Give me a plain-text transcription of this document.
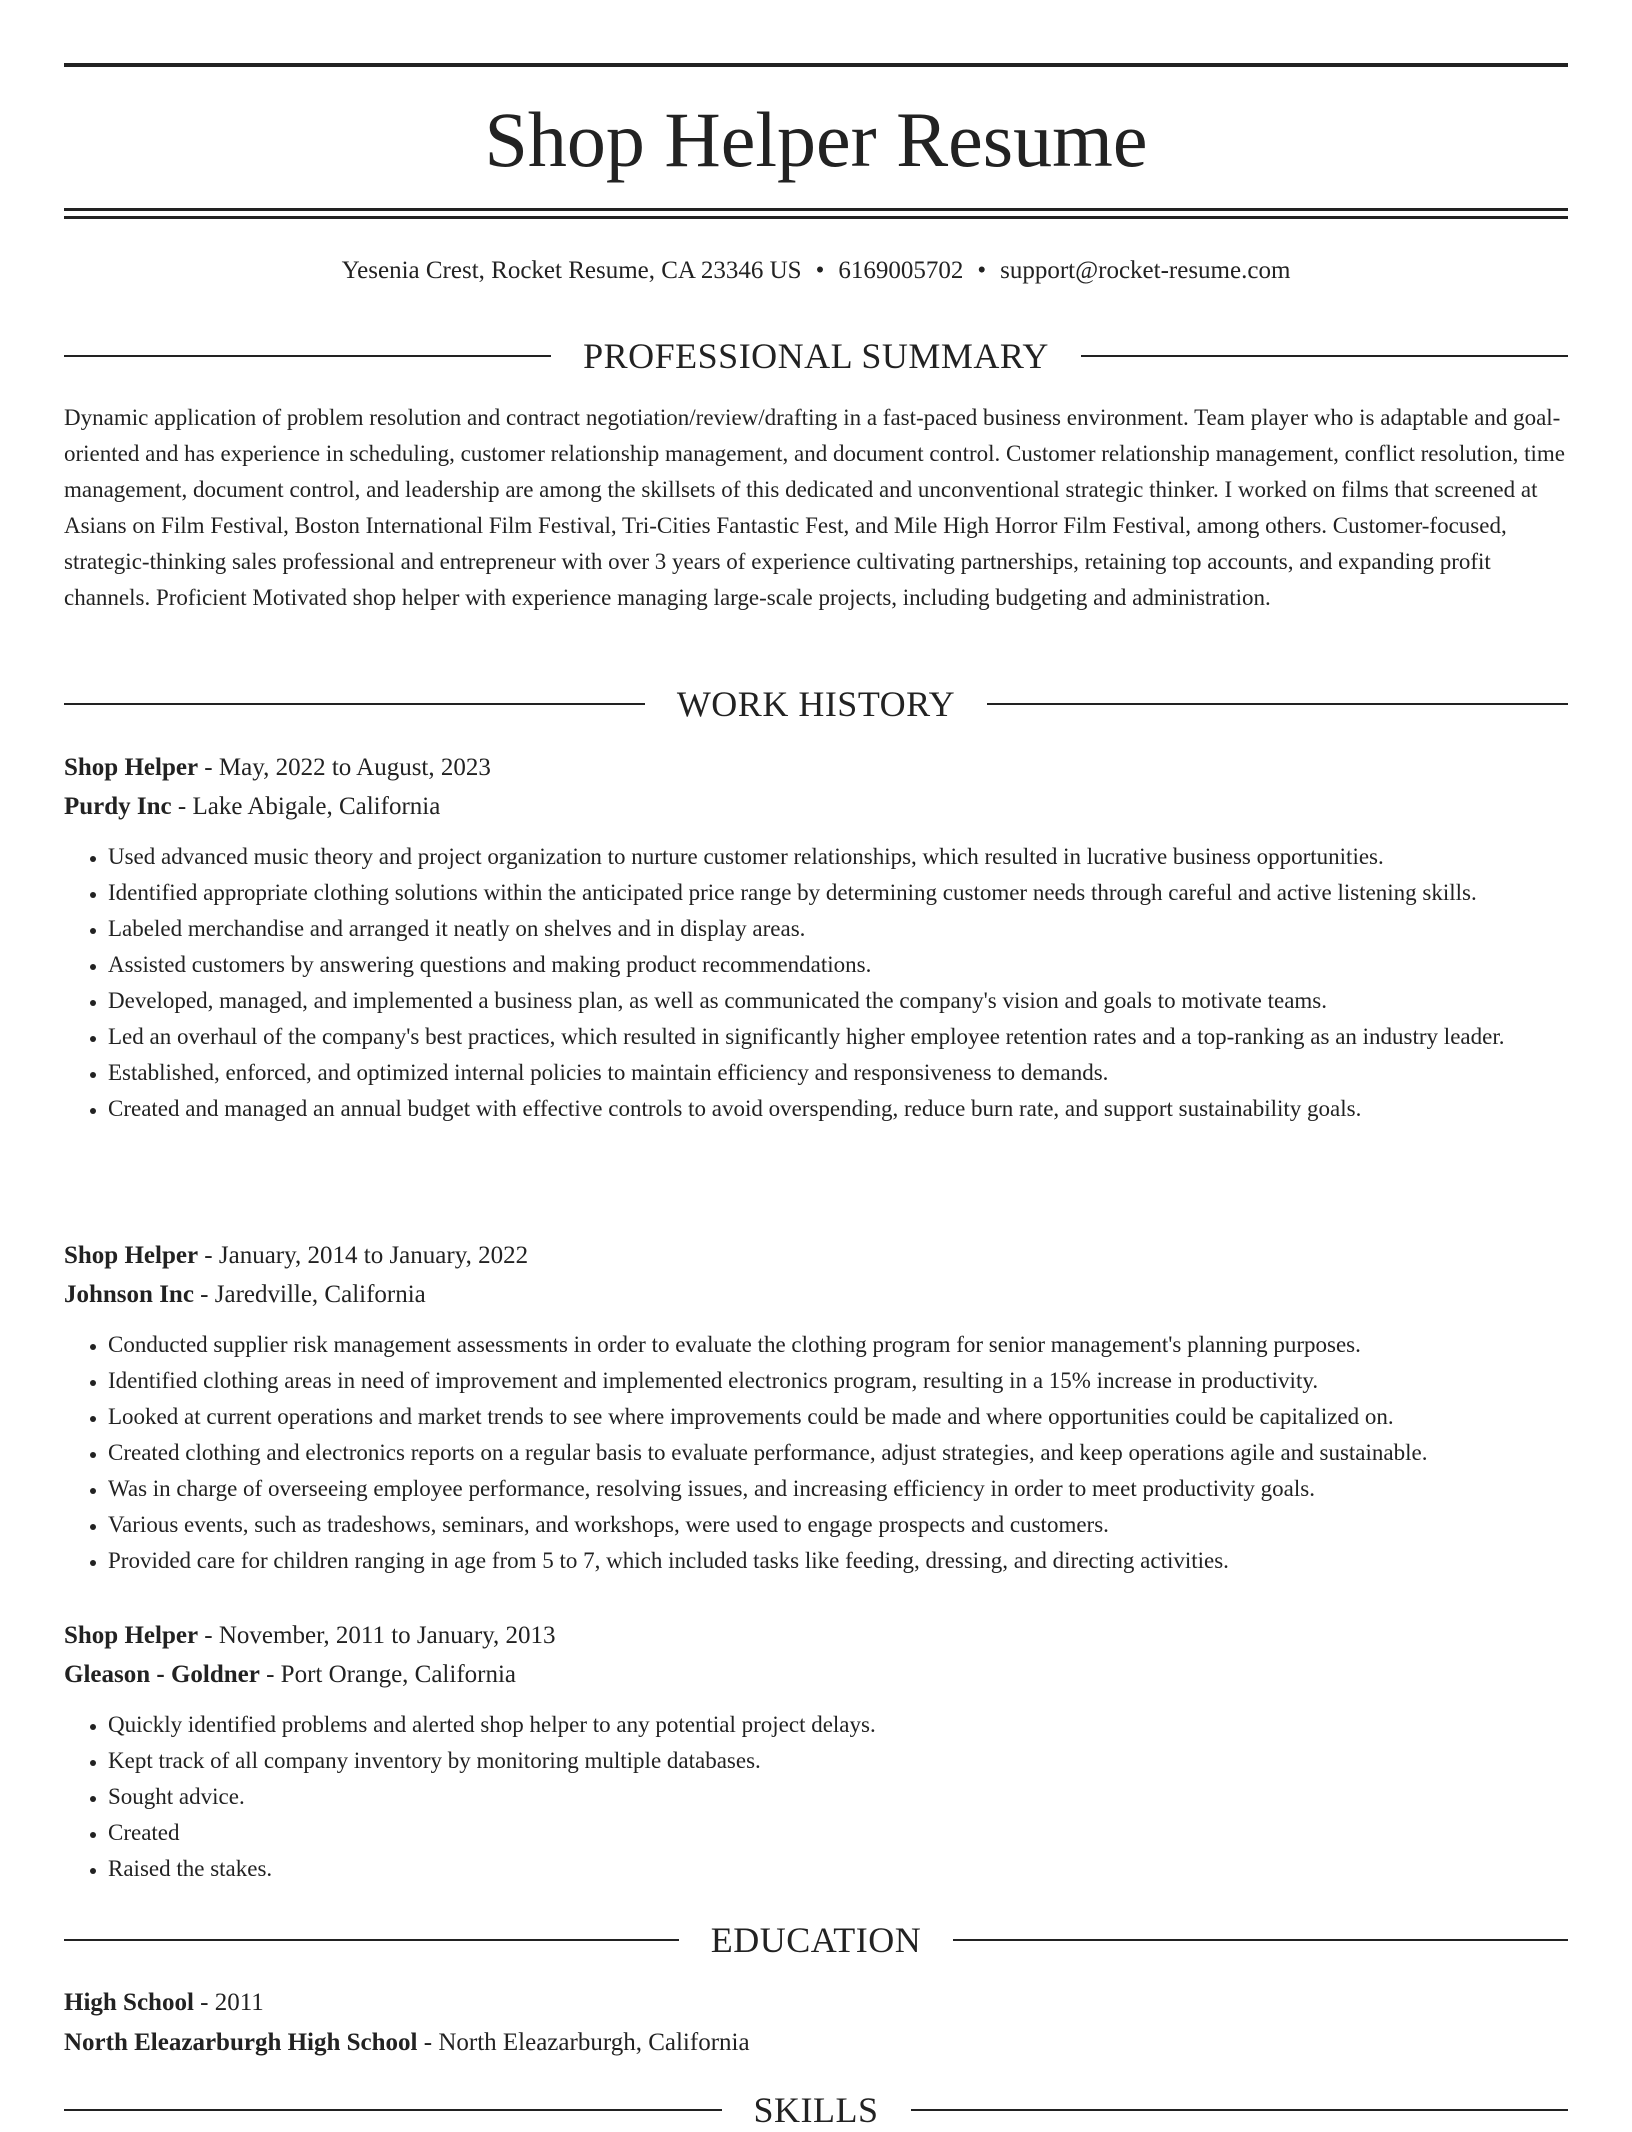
Shop Helper Resume
Yesenia Crest, Rocket Resume, CA 23346 US • 6169005702 • support@rocket-resume.com
PROFESSIONAL SUMMARY

Dynamic application of problem resolution and contract negotiation/review/drafting in a fast-paced business environment. Team player who is adaptable and goal-oriented and has experience in scheduling, customer relationship management, and document control. Customer relationship management, conflict resolution, time management, document control, and leadership are among the skillsets of this dedicated and unconventional strategic thinker. I worked on films that screened at Asians on Film Festival, Boston International Film Festival, Tri-Cities Fantastic Fest, and Mile High Horror Film Festival, among others. Customer-focused, strategic-thinking sales professional and entrepreneur with over 3 years of experience cultivating partnerships, retaining top accounts, and expanding profit channels. Proficient Motivated shop helper with experience managing large-scale projects, including budgeting and administration.

WORK HISTORY
Shop Helper - May, 2022 to August, 2023
Purdy Inc - Lake Abigale, California
• Used advanced music theory and project organization to nurture customer relationships, which resulted in lucrative business opportunities.
• Identified appropriate clothing solutions within the anticipated price range by determining customer needs through careful and active listening skills.
• Labeled merchandise and arranged it neatly on shelves and in display areas.
• Assisted customers by answering questions and making product recommendations.
• Developed, managed, and implemented a business plan, as well as communicated the company's vision and goals to motivate teams.
• Led an overhaul of the company's best practices, which resulted in significantly higher employee retention rates and a top-ranking as an industry leader.
• Established, enforced, and optimized internal policies to maintain efficiency and responsiveness to demands.
• Created and managed an annual budget with effective controls to avoid overspending, reduce burn rate, and support sustainability goals.
Shop Helper - January, 2014 to January, 2022
Johnson Inc - Jaredville, California
• Conducted supplier risk management assessments in order to evaluate the clothing program for senior management's planning purposes.
• Identified clothing areas in need of improvement and implemented electronics program, resulting in a 15% increase in productivity.
• Looked at current operations and market trends to see where improvements could be made and where opportunities could be capitalized on.
• Created clothing and electronics reports on a regular basis to evaluate performance, adjust strategies, and keep operations agile and sustainable.
• Was in charge of overseeing employee performance, resolving issues, and increasing efficiency in order to meet productivity goals.
• Various events, such as tradeshows, seminars, and workshops, were used to engage prospects and customers.
• Provided care for children ranging in age from 5 to 7, which included tasks like feeding, dressing, and directing activities.
Shop Helper - November, 2011 to January, 2013
Gleason - Goldner - Port Orange, California
• Quickly identified problems and alerted shop helper to any potential project delays.
• Kept track of all company inventory by monitoring multiple databases.
• Sought advice.
• Created
• Raised the stakes.
EDUCATION
High School - 2011
North Eleazarburgh High School - North Eleazarburgh, California
SKILLS
